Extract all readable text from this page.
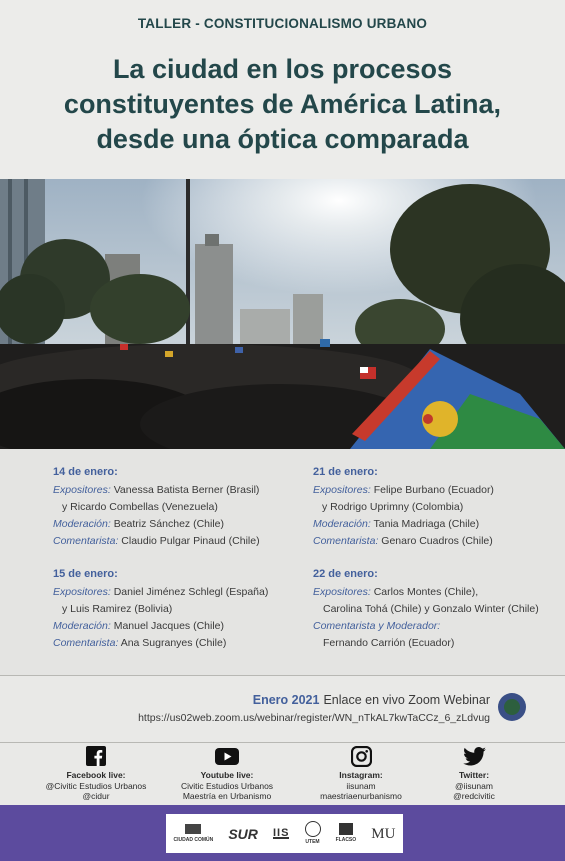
TALLER - CONSTITUCIONALISMO URBANO
La ciudad en los procesos
constituyentes de América Latina,
desde una óptica comparada
14 de enero:
Expositores: Vanessa Batista Berner (Brasil)
y Ricardo Combellas (Venezuela)
Moderación: Beatriz Sánchez (Chile)
Comentarista: Claudio Pulgar Pinaud (Chile)
15 de enero:
Expositores: Daniel Jiménez Schlegl (España)
y Luis Ramirez (Bolivia)
Moderación: Manuel Jacques (Chile)
Comentarista: Ana Sugranyes (Chile)
21 de enero:
Expositores: Felipe Burbano (Ecuador)
y Rodrigo Uprimny (Colombia)
Moderación: Tania Madriaga (Chile)
Comentarista: Genaro Cuadros (Chile)
22 de enero:
Expositores: Carlos Montes (Chile),
Carolina Tohá (Chile) y Gonzalo Winter (Chile)
Comentarista y Moderador:
Fernando Carrión (Ecuador)
Enero 2021 Enlace en vivo Zoom Webinar
https://us02web.zoom.us/webinar/register/WN_nTkAL7kwTaCCz_6_zLdvug
Facebook live:
@Civitic Estudios Urbanos
@cidur
Youtube live:
Civitic Estudios Urbanos
Maestría en Urbanismo
Instagram:
iisunam
maestriaenurbanismo
Twitter:
@iisunam
@redcivitic
CIUDAD COMÚN SUR IIS
UTEM	FLACSO MU
